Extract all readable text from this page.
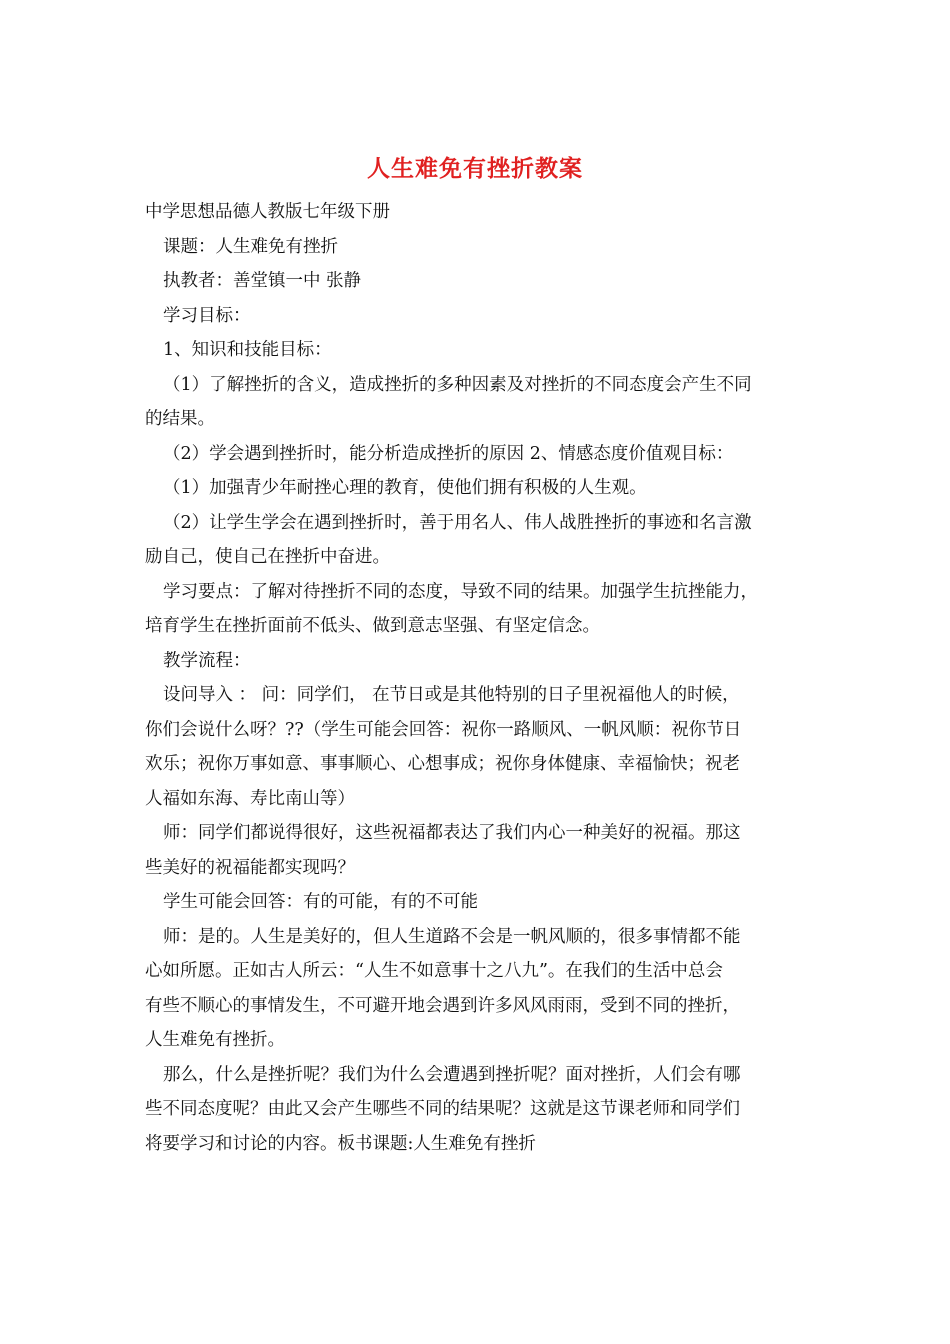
人生难免有挫折教案

中学思想品德人教版七年级下册

课题：人生难免有挫折

执教者：善堂镇一中 张静

学习目标：

1、知识和技能目标：

（1）了解挫折的含义，造成挫折的多种因素及对挫折的不同态度会产生不同

的结果。

（2）学会遇到挫折时，能分析造成挫折的原因 2、情感态度价值观目标：

（1）加强青少年耐挫心理的教育，使他们拥有积极的人生观。

（2）让学生学会在遇到挫折时，善于用名人、伟人战胜挫折的事迹和名言激

励自己，使自己在挫折中奋进。

学习要点：了解对待挫折不同的态度，导致不同的结果。加强学生抗挫能力，

培育学生在挫折面前不低头、做到意志坚强、有坚定信念。

教学流程：

设问导入 ： 问：同学们， 在节日或是其他特别的日子里祝福他人的时候，

你们会说什么呀？??（学生可能会回答：祝你一路顺风、一帆风顺：祝你节日

欢乐；祝你万事如意、事事顺心、心想事成；祝你身体健康、幸福愉快；祝老

人福如东海、寿比南山等）

师：同学们都说得很好，这些祝福都表达了我们内心一种美好的祝福。那这

些美好的祝福能都实现吗？

学生可能会回答：有的可能，有的不可能

师：是的。人生是美好的，但人生道路不会是一帆风顺的，很多事情都不能

心如所愿。正如古人所云：“人生不如意事十之八九”。在我们的生活中总会

有些不顺心的事情发生，不可避开地会遇到许多风风雨雨，受到不同的挫折，

人生难免有挫折。

那么，什么是挫折呢？我们为什么会遭遇到挫折呢？面对挫折，人们会有哪

些不同态度呢？由此又会产生哪些不同的结果呢？这就是这节课老师和同学们

将要学习和讨论的内容。板书课题:人生难免有挫折
